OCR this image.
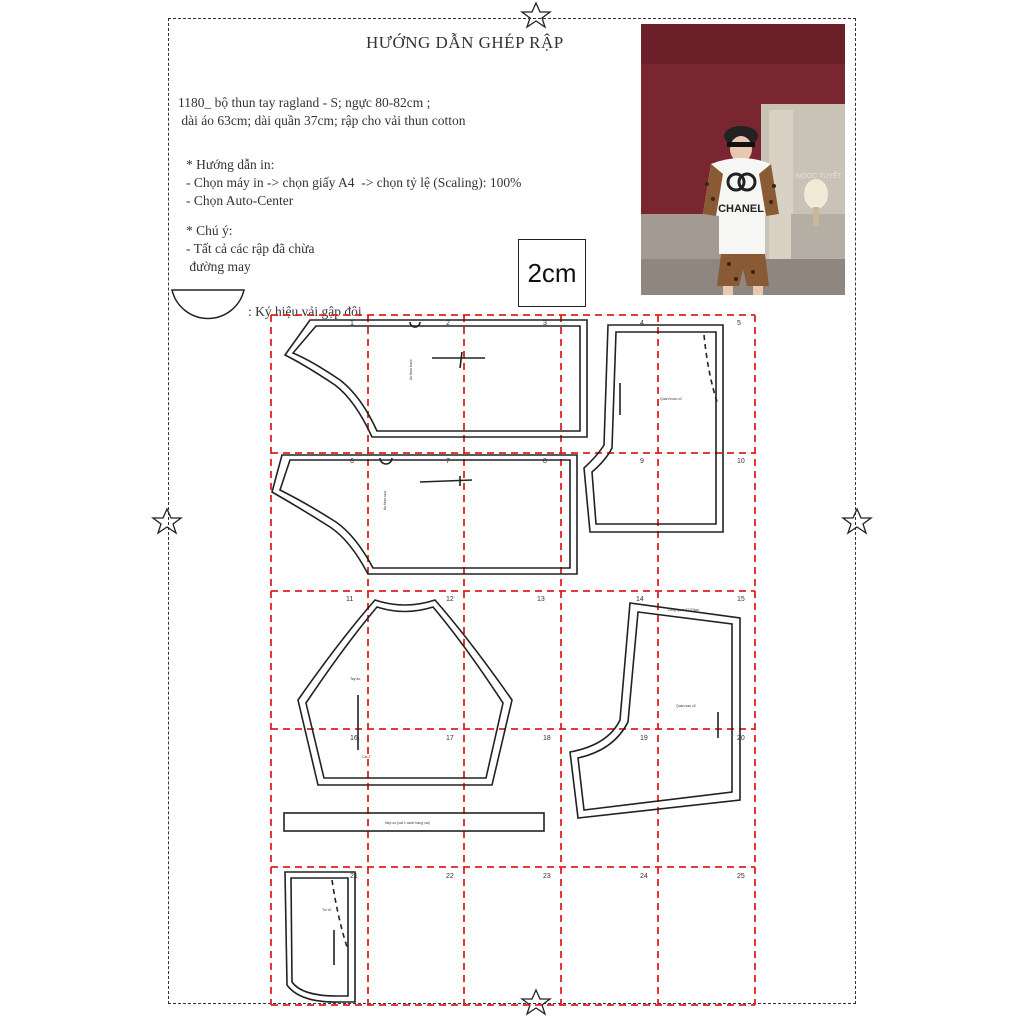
HƯỚNG DẪN GHÉP RẬP
1180_ bộ thun tay ragland - S; ngực 80-82cm ;
dài áo 63cm; dài quần 37cm; rập cho vải thun cotton
* Hướng dẫn in:
- Chọn máy in -> chọn giấy A4  -> chọn tỷ lệ (Scaling): 100%
- Chọn Auto-Center
* Chú ý:
- Tất cả các rập đã chừa
đường may	2cm
: Ký hiệu vải gập đôi
CHANEL
NGỌC TUYẾT
1	2	3	4	5
6	7	8	9	10
11	12	13	14	15
16	17	18	19	20
21	22	23	24	25
Ao than truoc
Ao than sau
Tay ao
Cat 2
Nep co (cat 1 canh bang vai)
Quan truoc x2
Quan sau x2
Lung quan 37 P3cm
Tui x2
